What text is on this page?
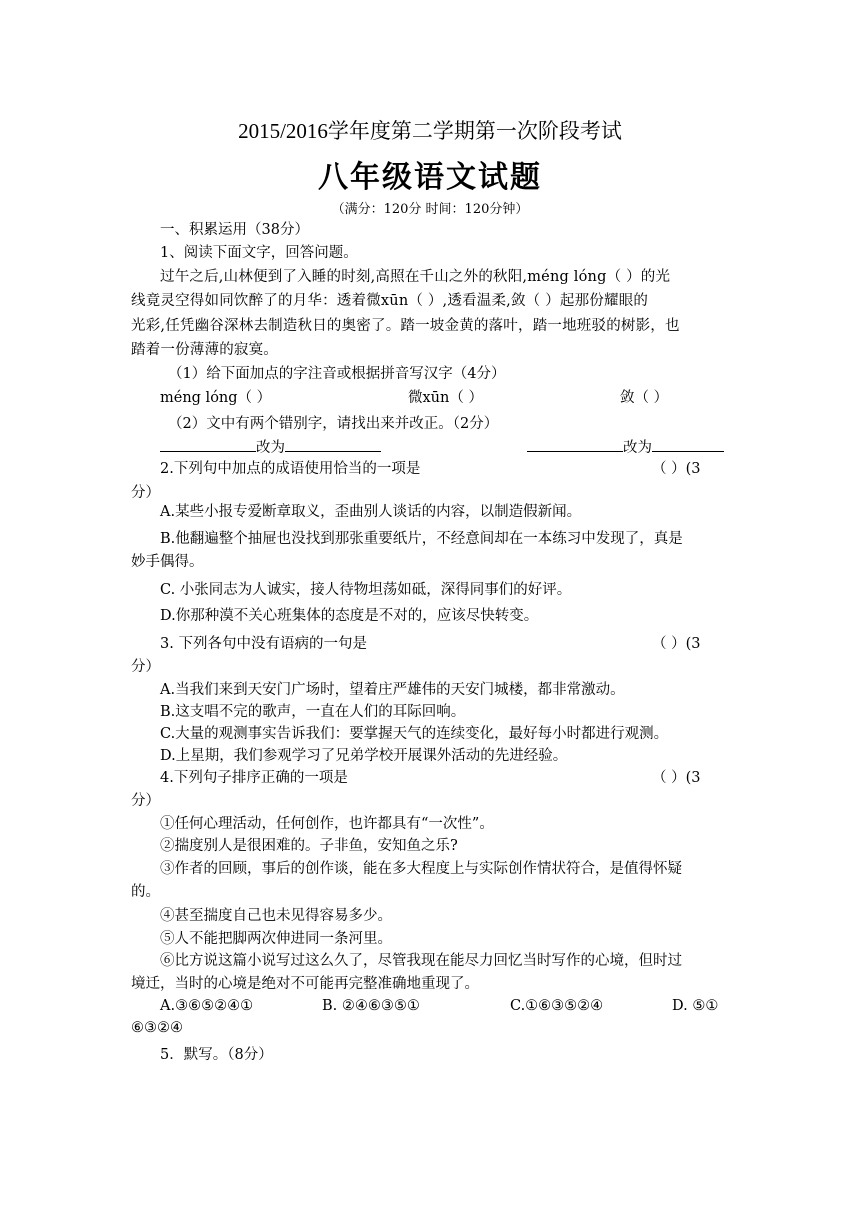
2015/2016学年度第二学期第一次阶段考试
八年级语文试题
（满分：120分 时间：120分钟）
一、积累运用（38分）
1、阅读下面文字，回答问题。
过午之后,山林便到了入睡的时刻,高照在千山之外的秋阳,méng lóng（ ）的光
线竟灵空得如同饮醉了的月华：透着微xūn（ ）,透看温柔,敛（ ）起那份耀眼的
光彩,任凭幽谷深林去制造秋日的奥密了。踏一坡金黄的落叶，踏一地班驳的树影，也
踏着一份薄薄的寂寞。
（1）给下面加点的字注音或根据拼音写汉字（4分）
méng lóng（ ）	微xūn（ ）	敛（ ）
（2）文中有两个错别字，请找出来并改正。（2分）
改为	改为
2.下列句中加点的成语使用恰当的一项是	（ ）(3
分）
A.某些小报专爱断章取义，歪曲别人谈话的内容，以制造假新闻。
B.他翻遍整个抽屉也没找到那张重要纸片，不经意间却在一本练习中发现了，真是
妙手偶得。
C. 小张同志为人诚实，接人待物坦荡如砥，深得同事们的好评。
D.你那种漠不关心班集体的态度是不对的，应该尽快转变。
3. 下列各句中没有语病的一句是	（ ）(3
分）
A.当我们来到天安门广场时，望着庄严雄伟的天安门城楼，都非常激动。
B.这支唱不完的歌声，一直在人们的耳际回响。
C.大量的观测事实告诉我们：要掌握天气的连续变化，最好每小时都进行观测。
D.上星期，我们参观学习了兄弟学校开展课外活动的先进经验。
4.下列句子排序正确的一项是	（ ）(3
分）
①任何心理活动，任何创作，也许都具有“一次性”。
②揣度别人是很困难的。子非鱼，安知鱼之乐?
③作者的回顾，事后的创作谈，能在多大程度上与实际创作情状符合，是值得怀疑
的。
④甚至揣度自己也未见得容易多少。
⑤人不能把脚两次伸进同一条河里。
⑥比方说这篇小说写过这么久了，尽管我现在能尽力回忆当时写作的心境，但时过
境迁，当时的心境是绝对不可能再完整准确地重现了。
A.③⑥⑤②④①	B. ②④⑥③⑤①	C.①⑥③⑤②④	D. ⑤①
⑥③②④
5．默写。（8分）
